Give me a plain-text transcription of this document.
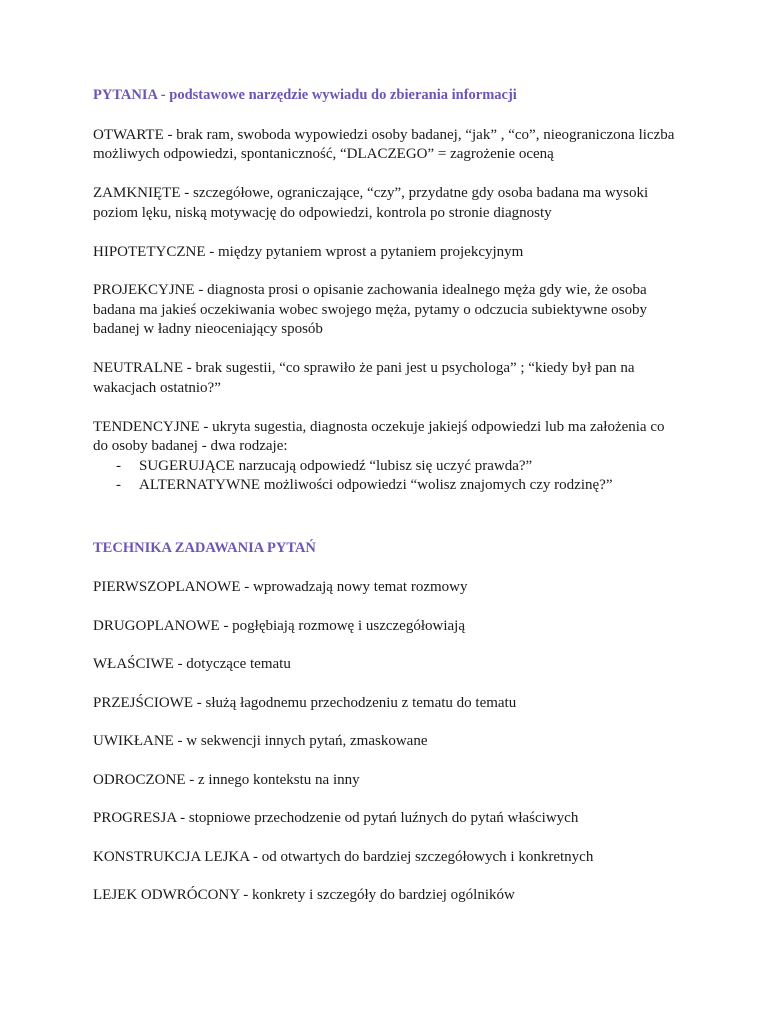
PYTANIA - podstawowe narzędzie wywiadu do zbierania informacji

OTWARTE - brak ram, swoboda wypowiedzi osoby badanej, “jak” , “co”, nieograniczona liczba możliwych odpowiedzi, spontaniczność, “DLACZEGO” = zagrożenie oceną

ZAMKNIĘTE - szczegółowe, ograniczające, “czy”, przydatne gdy osoba badana ma wysoki poziom lęku, niską motywację do odpowiedzi, kontrola po stronie diagnosty

HIPOTETYCZNE - między pytaniem wprost a pytaniem projekcyjnym

PROJEKCYJNE - diagnosta prosi o opisanie zachowania idealnego męża gdy wie, że osoba badana ma jakieś oczekiwania wobec swojego męża, pytamy o odczucia subiektywne osoby badanej w ładny nieoceniający sposób

NEUTRALNE - brak sugestii, “co sprawiło że pani jest u psychologa” ; “kiedy był pan na wakacjach ostatnio?”

TENDENCYJNE - ukryta sugestia, diagnosta oczekuje jakiejś odpowiedzi lub ma założenia co do osoby badanej - dwa rodzaje:

- SUGERUJĄCE narzucają odpowiedź “lubisz się uczyć prawda?”
- ALTERNATYWNE możliwości odpowiedzi “wolisz znajomych czy rodzinę?”
TECHNIKA ZADAWANIA PYTAŃ

PIERWSZOPLANOWE - wprowadzają nowy temat rozmowy

DRUGOPLANOWE - pogłębiają rozmowę i uszczegółowiają

WŁAŚCIWE - dotyczące tematu

PRZEJŚCIOWE - służą łagodnemu przechodzeniu z tematu do tematu

UWIKŁANE - w sekwencji innych pytań, zmaskowane

ODROCZONE - z innego kontekstu na inny

PROGRESJA - stopniowe przechodzenie od pytań luźnych do pytań właściwych

KONSTRUKCJA LEJKA - od otwartych do bardziej szczegółowych i konkretnych

LEJEK ODWRÓCONY - konkrety i szczegóły do bardziej ogólników
